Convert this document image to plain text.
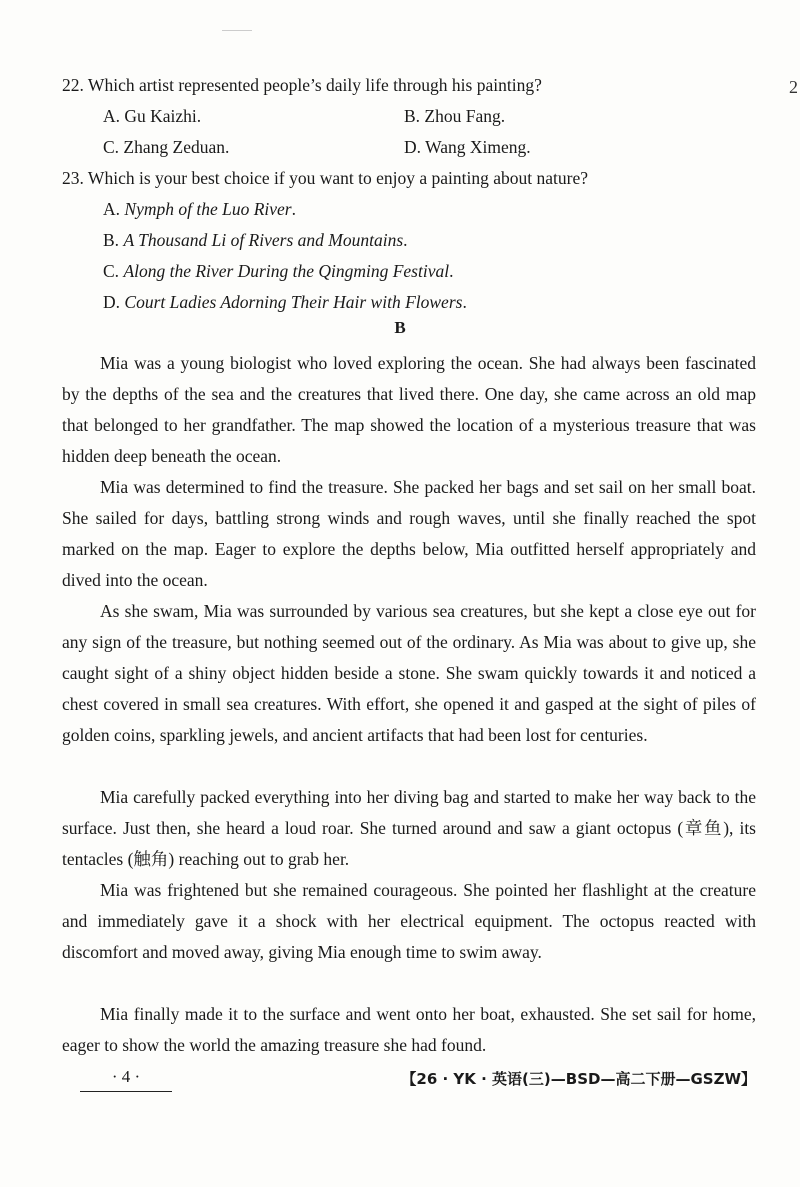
2
22. Which artist represented people’s daily life through his painting?
A. Gu Kaizhi.	B. Zhou Fang.
C. Zhang Zeduan.	D. Wang Ximeng.
23. Which is your best choice if you want to enjoy a painting about nature?
A. Nymph of the Luo River.
B. A Thousand Li of Rivers and Mountains.
C. Along the River During the Qingming Festival.
D. Court Ladies Adorning Their Hair with Flowers.
B
Mia was a young biologist who loved exploring the ocean. She had always been fascinated by the depths of the sea and the creatures that lived there. One day, she came across an old map that belonged to her grandfather. The map showed the location of a mysterious treasure that was hidden deep beneath the ocean.
Mia was determined to find the treasure. She packed her bags and set sail on her small boat. She sailed for days, battling strong winds and rough waves, until she finally reached the spot marked on the map. Eager to explore the depths below, Mia outfitted herself appropriately and dived into the ocean.
As she swam, Mia was surrounded by various sea creatures, but she kept a close eye out for any sign of the treasure, but nothing seemed out of the ordinary. As Mia was about to give up, she caught sight of a shiny object hidden beside a stone. She swam quickly towards it and noticed a chest covered in small sea creatures. With effort, she opened it and gasped at the sight of piles of golden coins, sparkling jewels, and ancient artifacts that had been lost for centuries.
Mia carefully packed everything into her diving bag and started to make her way back to the surface. Just then, she heard a loud roar. She turned around and saw a giant octopus (章鱼), its tentacles (触角) reaching out to grab her.
Mia was frightened but she remained courageous. She pointed her flashlight at the creature and immediately gave it a shock with her electrical equipment. The octopus reacted with discomfort and moved away, giving Mia enough time to swim away.
Mia finally made it to the surface and went onto her boat, exhausted. She set sail for home, eager to show the world the amazing treasure she had found.
· 4 ·	【26 · YK · 英语(三)—BSD—高二下册—GSZW】
